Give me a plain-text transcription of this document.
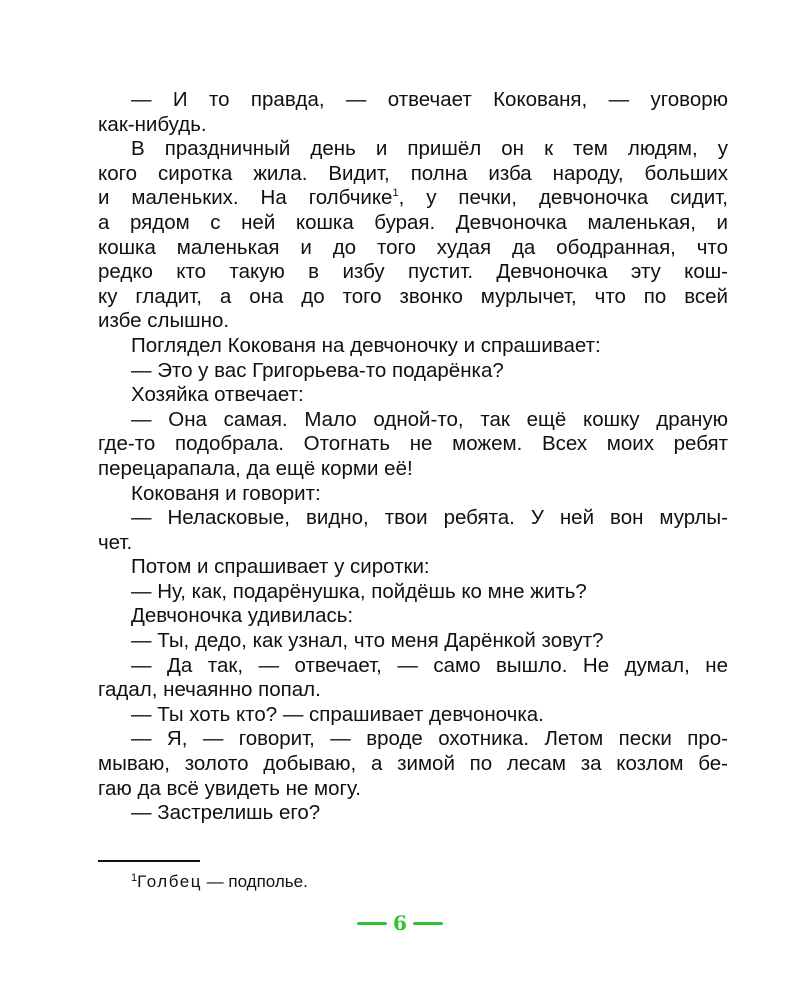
— И то правда, — отвечает Кокованя, — уговорю
как-нибудь.
В праздничный день и пришёл он к тем людям, у
кого сиротка жила. Видит, полна изба народу, больших
и маленьких. На голбчике$^1$, у печки, девчоночка сидит,
а рядом с ней кошка бурая. Девчоночка маленькая, и
кошка маленькая и до того худая да ободранная, что
редко кто такую в избу пустит. Девчоночка эту кош-
ку гладит, а она до того звонко мурлычет, что по всей
избе слышно.
Поглядел Кокованя на девчоночку и спрашивает:
— Это у вас Григорьева-то подарёнка?
Хозяйка отвечает:
— Она самая. Мало одной-то, так ещё кошку драную
где-то подобрала. Отогнать не можем. Всех моих ребят
перецарапала, да ещё корми её!
Кокованя и говорит:
— Неласковые, видно, твои ребята. У ней вон мурлы-
чет.
Потом и спрашивает у сиротки:
— Ну, как, подарёнушка, пойдёшь ко мне жить?
Девчоночка удивилась:
— Ты, дедо, как узнал, что меня Дарёнкой зовут?
— Да так, — отвечает, — само вышло. Не думал, не
гадал, нечаянно попал.
— Ты хоть кто? — спрашивает девчоночка.
— Я, — говорит, — вроде охотника. Летом пески про-
мываю, золото добываю, а зимой по лесам за козлом бе-
гаю да всё увидеть не могу.
— Застрелишь его?
$^1$Голбец — подполье.
6
